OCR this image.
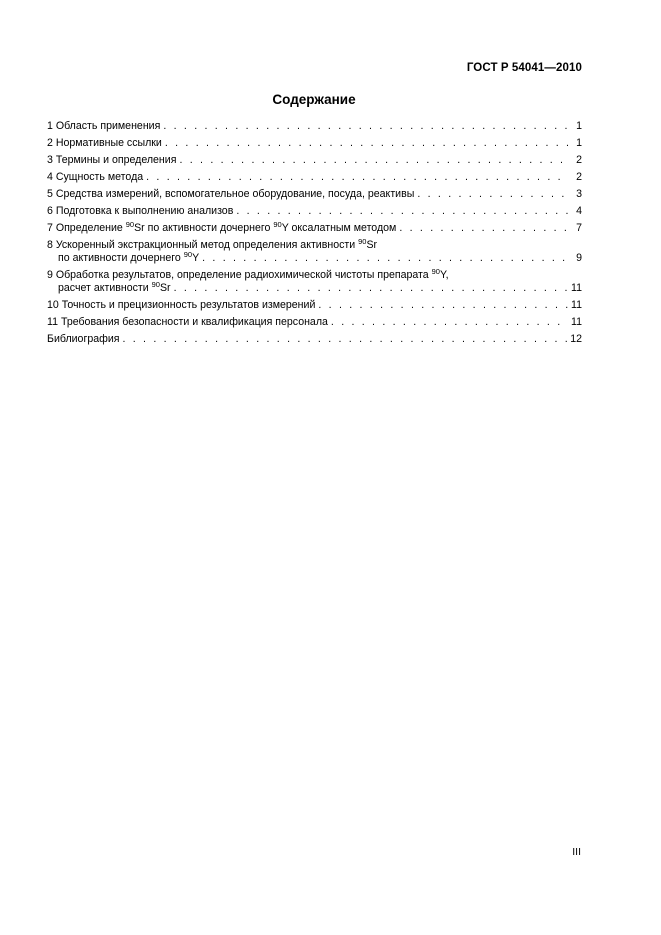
ГОСТ Р 54041—2010
Содержание
1 Область применения . . .	1
2 Нормативные ссылки . . .	1
3 Термины и определения . . .	2
4 Сущность метода . . .	2
5 Средства измерений, вспомогательное оборудование, посуда, реактивы . . .	3
6 Подготовка к выполнению анализов . . .	4
7 Определение $^{90}$Sr по активности дочернего $^{90}$Y оксалатным методом . . .	7
8 Ускоренный экстракционный метод определения активности $^{90}$Sr
по активности дочернего $^{90}$Y . . .	9
9 Обработка результатов, определение радиохимической чистоты препарата $^{90}$Y,
расчет активности $^{90}$Sr . . .	11
10 Точность и прецизионность результатов измерений . . .	11
11 Требования безопасности и квалификация персонала . . .	11
Библиография . . .	12
III
